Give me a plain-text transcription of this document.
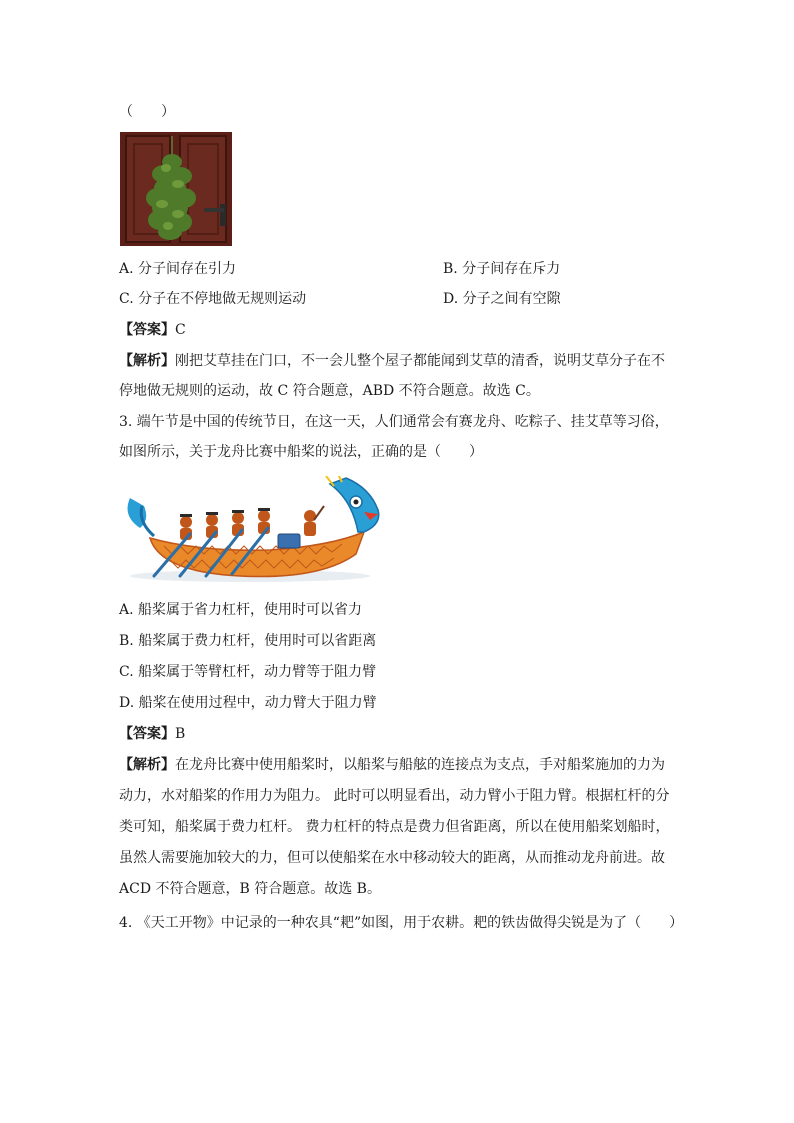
（　　）
A. 分子间存在引力	B. 分子间存在斥力
C. 分子在不停地做无规则运动	D. 分子之间有空隙
【答案】C
【解析】刚把艾草挂在门口，不一会儿整个屋子都能闻到艾草的清香，说明艾草分子在不
停地做无规则的运动，故 C 符合题意，ABD 不符合题意。故选 C。
3. 端午节是中国的传统节日，在这一天，人们通常会有赛龙舟、吃粽子、挂艾草等习俗，
如图所示，关于龙舟比赛中船桨的说法，正确的是（　　）
A. 船桨属于省力杠杆，使用时可以省力
B. 船桨属于费力杠杆，使用时可以省距离
C. 船桨属于等臂杠杆，动力臂等于阻力臂
D. 船桨在使用过程中，动力臂大于阻力臂
【答案】B
【解析】在龙舟比赛中使用船桨时，以船桨与船舷的连接点为支点，手对船桨施加的力为
动力，水对船桨的作用力为阻力。 此时可以明显看出，动力臂小于阻力臂。根据杠杆的分
类可知，船桨属于费力杠杆。 费力杠杆的特点是费力但省距离，所以在使用船桨划船时，
虽然人需要施加较大的力，但可以使船桨在水中移动较大的距离，从而推动龙舟前进。故
ACD 不符合题意，B 符合题意。故选 B。
4. 《天工开物》中记录的一种农具“耙”如图，用于农耕。耙的铁齿做得尖锐是为了（　　）
